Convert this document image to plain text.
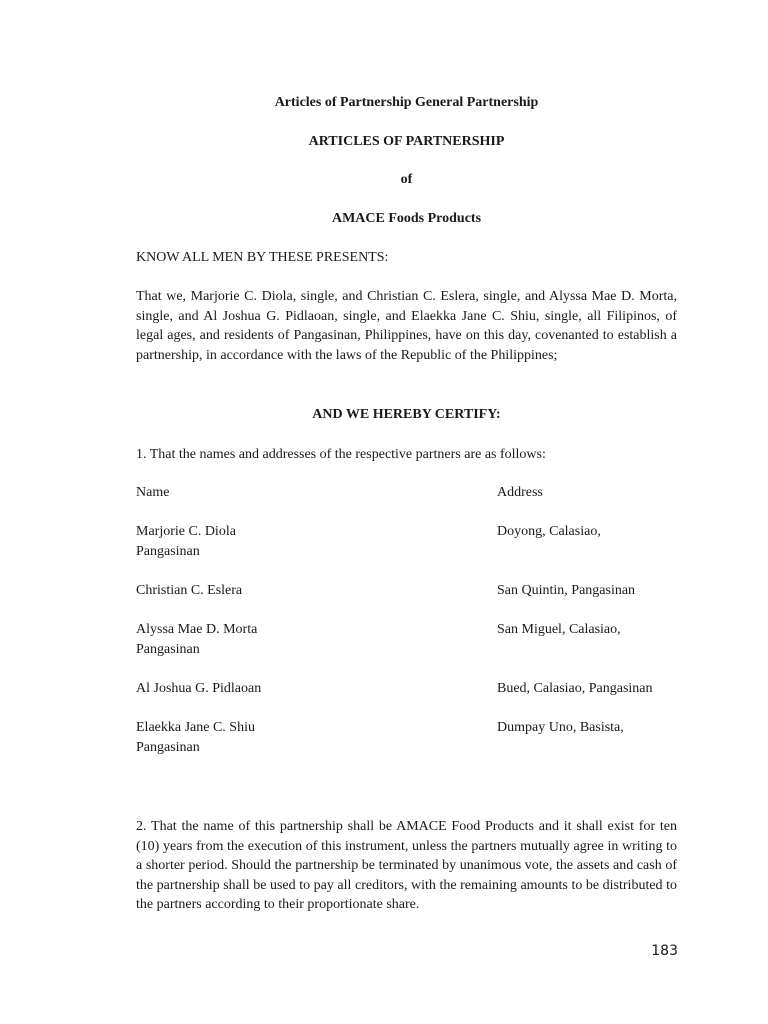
Articles of Partnership General Partnership
ARTICLES OF PARTNERSHIP
of
AMACE Foods Products
KNOW ALL MEN BY THESE PRESENTS:
That we, Marjorie C. Diola, single, and Christian C. Eslera, single, and Alyssa Mae D. Morta, single, and Al Joshua G. Pidlaoan, single, and Elaekka Jane C. Shiu, single, all Filipinos, of legal ages, and residents of Pangasinan, Philippines, have on this day, covenanted to establish a partnership, in accordance with the laws of the Republic of the Philippines;
AND WE HEREBY CERTIFY:
1. That the names and addresses of the respective partners are as follows:
Name	Address
Marjorie C. Diola	Doyong, Calasiao,
Pangasinan
Christian C. Eslera	San Quintin, Pangasinan
Alyssa Mae D. Morta	San Miguel, Calasiao,
Pangasinan
Al Joshua G. Pidlaoan	Bued, Calasiao, Pangasinan
Elaekka Jane C. Shiu	Dumpay Uno, Basista,
Pangasinan
2. That the name of this partnership shall be AMACE Food Products and it shall exist for ten (10) years from the execution of this instrument, unless the partners mutually agree in writing to a shorter period. Should the partnership be terminated by unanimous vote, the assets and cash of the partnership shall be used to pay all creditors, with the remaining amounts to be distributed to the partners according to their proportionate share.
183
